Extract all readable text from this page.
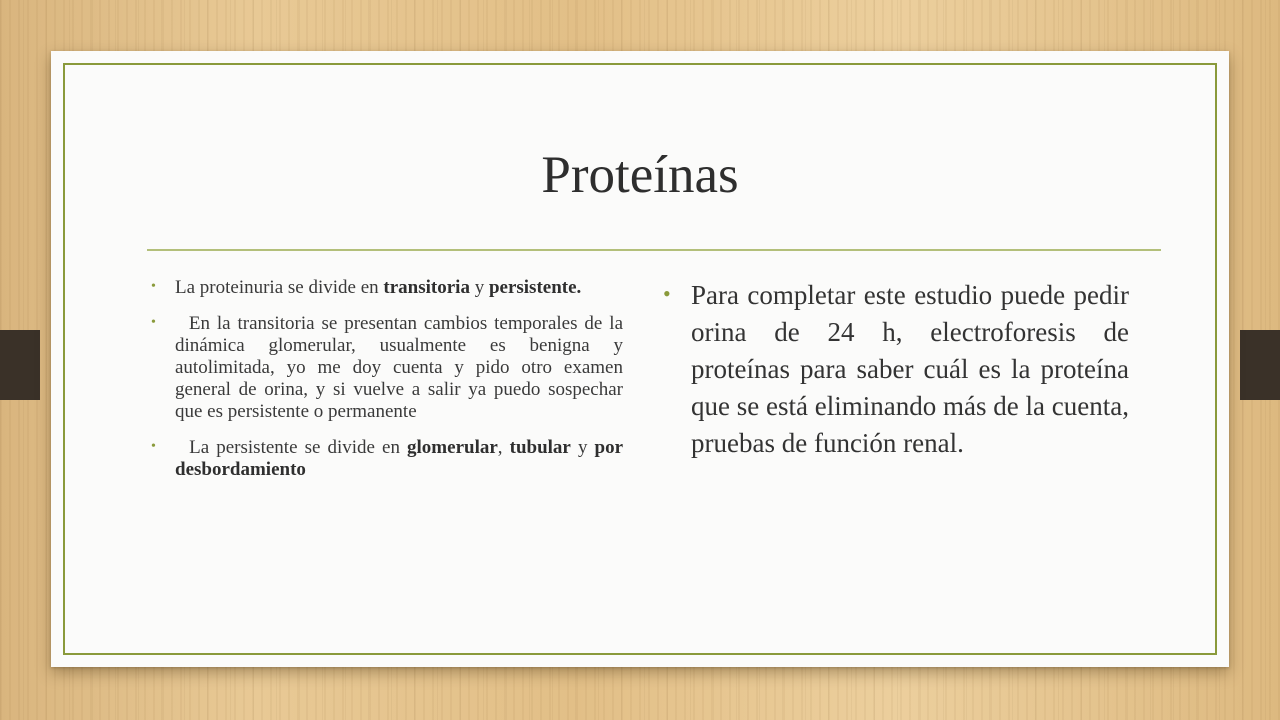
Proteínas
• La proteinuria se divide en transitoria y persistente.
• En la transitoria se presentan cambios temporales de la dinámica glomerular, usualmente es benigna y autolimitada, yo me doy cuenta y pido otro examen general de orina, y si vuelve a salir ya puedo sospechar que es persistente o permanente
• La persistente se divide en glomerular, tubular y por desbordamiento
• Para completar este estudio puede pedir orina de 24 h, electroforesis de proteínas para saber cuál es la proteína que se está eliminando más de la cuenta, pruebas de función renal.
